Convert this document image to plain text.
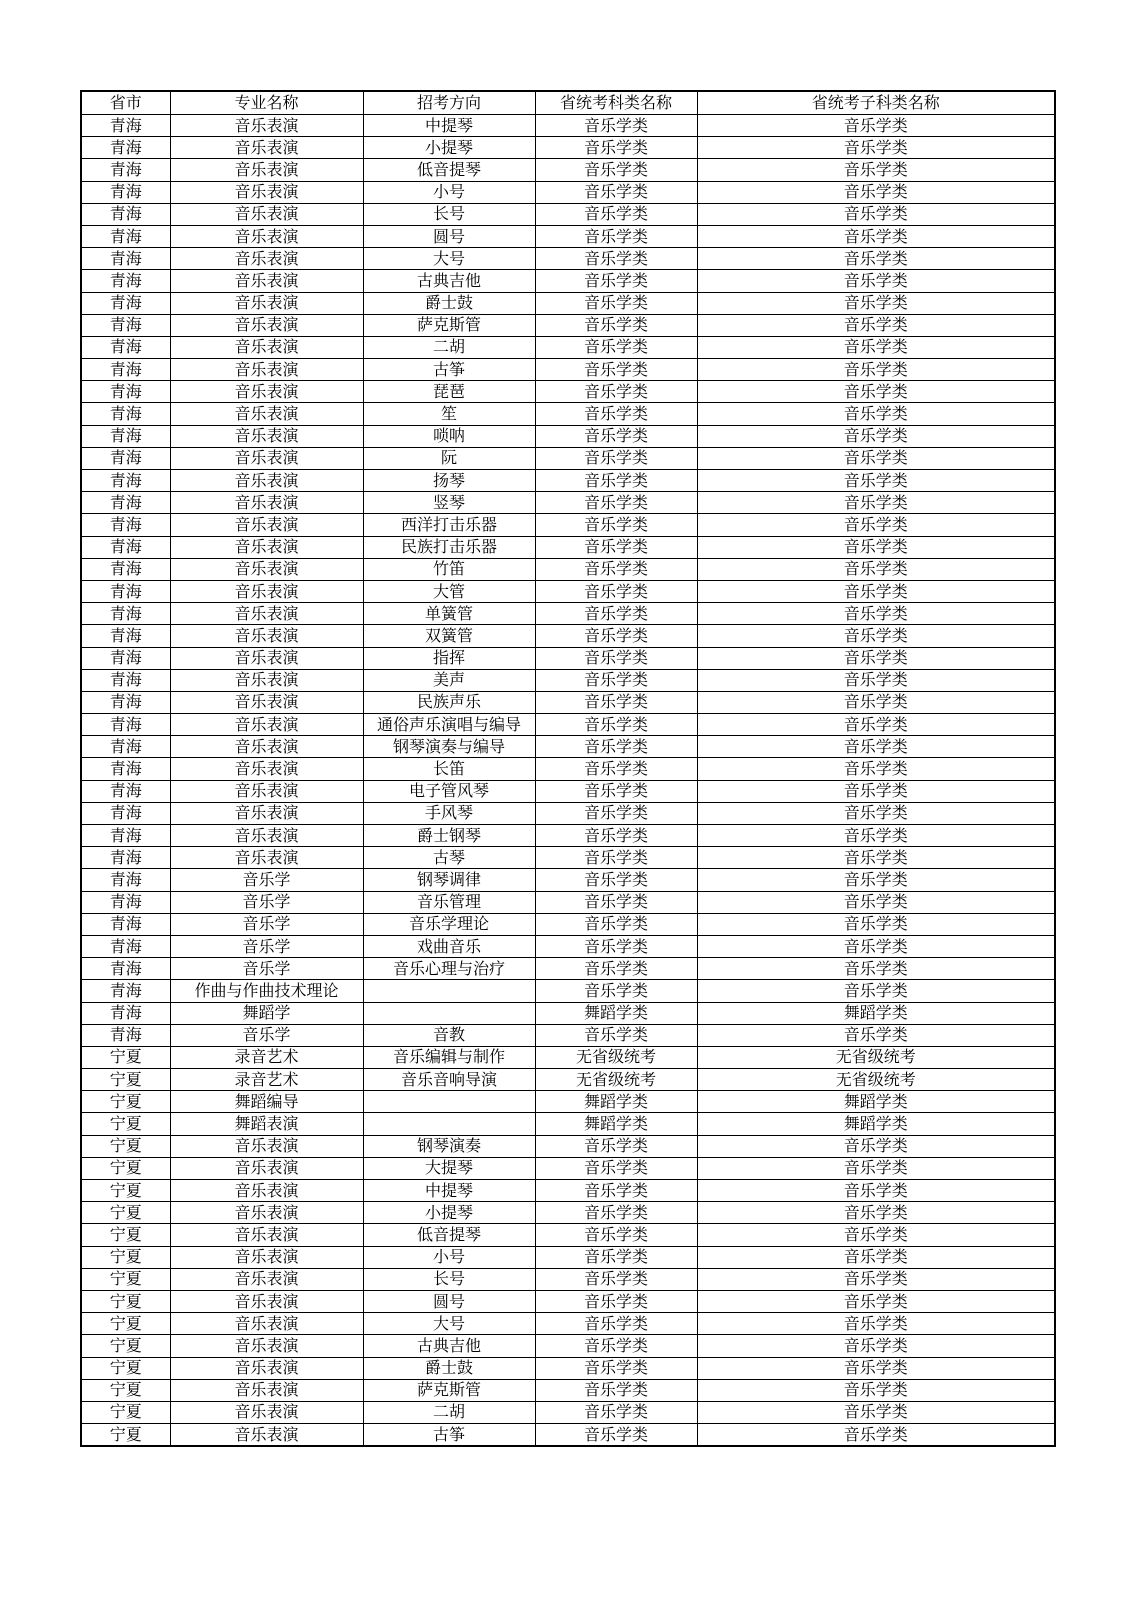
省市	专业名称	招考方向	省统考科类名称	省统考子科类名称
青海	音乐表演	中提琴	音乐学类	音乐学类
青海	音乐表演	小提琴	音乐学类	音乐学类
青海	音乐表演	低音提琴	音乐学类	音乐学类
青海	音乐表演	小号	音乐学类	音乐学类
青海	音乐表演	长号	音乐学类	音乐学类
青海	音乐表演	圆号	音乐学类	音乐学类
青海	音乐表演	大号	音乐学类	音乐学类
青海	音乐表演	古典吉他	音乐学类	音乐学类
青海	音乐表演	爵士鼓	音乐学类	音乐学类
青海	音乐表演	萨克斯管	音乐学类	音乐学类
青海	音乐表演	二胡	音乐学类	音乐学类
青海	音乐表演	古筝	音乐学类	音乐学类
青海	音乐表演	琵琶	音乐学类	音乐学类
青海	音乐表演	笙	音乐学类	音乐学类
青海	音乐表演	唢呐	音乐学类	音乐学类
青海	音乐表演	阮	音乐学类	音乐学类
青海	音乐表演	扬琴	音乐学类	音乐学类
青海	音乐表演	竖琴	音乐学类	音乐学类
青海	音乐表演	西洋打击乐器	音乐学类	音乐学类
青海	音乐表演	民族打击乐器	音乐学类	音乐学类
青海	音乐表演	竹笛	音乐学类	音乐学类
青海	音乐表演	大管	音乐学类	音乐学类
青海	音乐表演	单簧管	音乐学类	音乐学类
青海	音乐表演	双簧管	音乐学类	音乐学类
青海	音乐表演	指挥	音乐学类	音乐学类
青海	音乐表演	美声	音乐学类	音乐学类
青海	音乐表演	民族声乐	音乐学类	音乐学类
青海	音乐表演	通俗声乐演唱与编导	音乐学类	音乐学类
青海	音乐表演	钢琴演奏与编导	音乐学类	音乐学类
青海	音乐表演	长笛	音乐学类	音乐学类
青海	音乐表演	电子管风琴	音乐学类	音乐学类
青海	音乐表演	手风琴	音乐学类	音乐学类
青海	音乐表演	爵士钢琴	音乐学类	音乐学类
青海	音乐表演	古琴	音乐学类	音乐学类
青海	音乐学	钢琴调律	音乐学类	音乐学类
青海	音乐学	音乐管理	音乐学类	音乐学类
青海	音乐学	音乐学理论	音乐学类	音乐学类
青海	音乐学	戏曲音乐	音乐学类	音乐学类
青海	音乐学	音乐心理与治疗	音乐学类	音乐学类
青海	作曲与作曲技术理论		音乐学类	音乐学类
青海	舞蹈学		舞蹈学类	舞蹈学类
青海	音乐学	音教	音乐学类	音乐学类
宁夏	录音艺术	音乐编辑与制作	无省级统考	无省级统考
宁夏	录音艺术	音乐音响导演	无省级统考	无省级统考
宁夏	舞蹈编导		舞蹈学类	舞蹈学类
宁夏	舞蹈表演		舞蹈学类	舞蹈学类
宁夏	音乐表演	钢琴演奏	音乐学类	音乐学类
宁夏	音乐表演	大提琴	音乐学类	音乐学类
宁夏	音乐表演	中提琴	音乐学类	音乐学类
宁夏	音乐表演	小提琴	音乐学类	音乐学类
宁夏	音乐表演	低音提琴	音乐学类	音乐学类
宁夏	音乐表演	小号	音乐学类	音乐学类
宁夏	音乐表演	长号	音乐学类	音乐学类
宁夏	音乐表演	圆号	音乐学类	音乐学类
宁夏	音乐表演	大号	音乐学类	音乐学类
宁夏	音乐表演	古典吉他	音乐学类	音乐学类
宁夏	音乐表演	爵士鼓	音乐学类	音乐学类
宁夏	音乐表演	萨克斯管	音乐学类	音乐学类
宁夏	音乐表演	二胡	音乐学类	音乐学类
宁夏	音乐表演	古筝	音乐学类	音乐学类
